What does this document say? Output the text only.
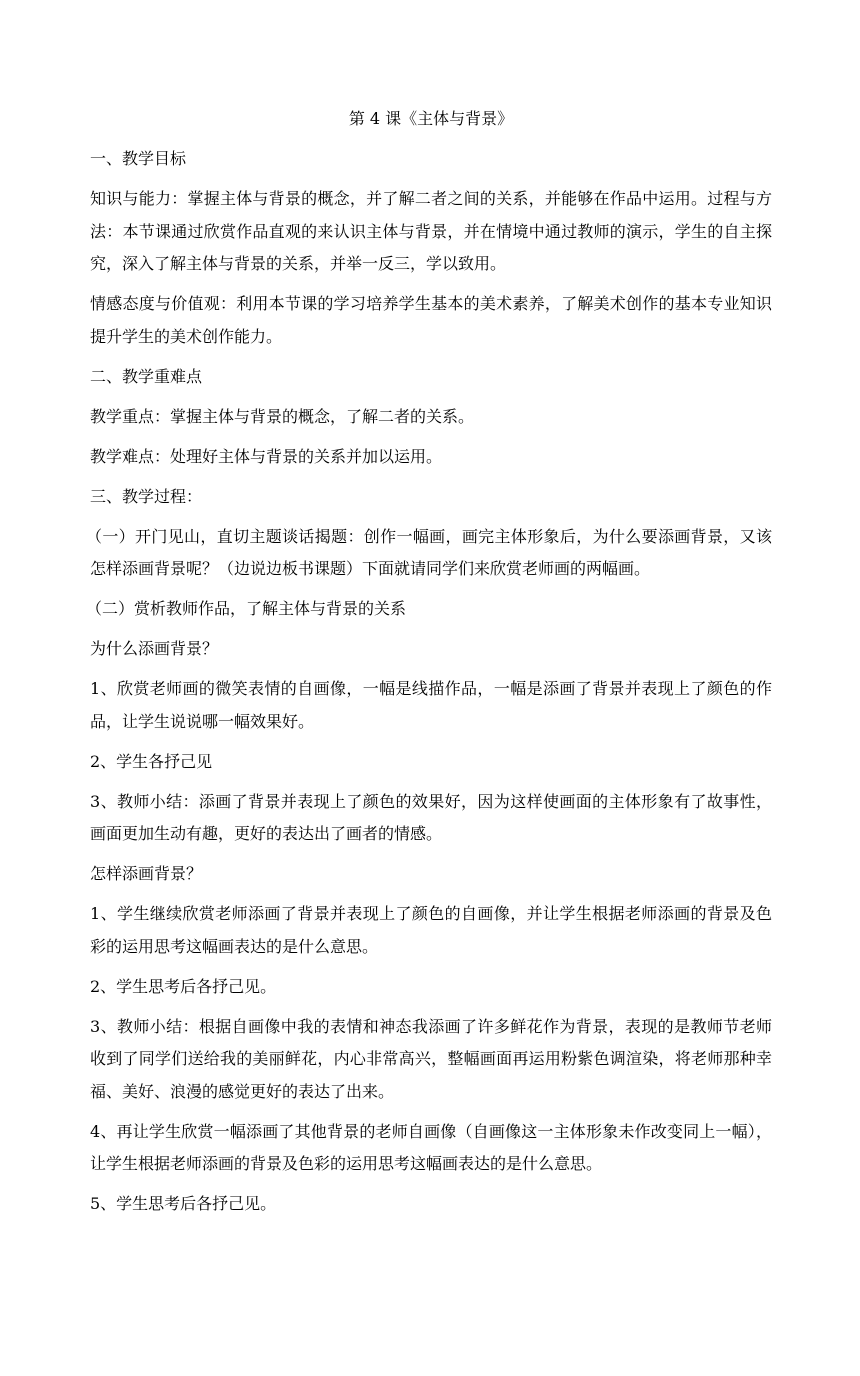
第 4 课《主体与背景》

一、教学目标

知识与能力：掌握主体与背景的概念，并了解二者之间的关系，并能够在作品中运用。过程与方法：本节课通过欣赏作品直观的来认识主体与背景，并在情境中通过教师的演示，学生的自主探究，深入了解主体与背景的关系，并举一反三，学以致用。

情感态度与价值观：利用本节课的学习培养学生基本的美术素养，了解美术创作的基本专业知识提升学生的美术创作能力。

二、教学重难点

教学重点：掌握主体与背景的概念，了解二者的关系。

教学难点：处理好主体与背景的关系并加以运用。

三、教学过程：

（一）开门见山，直切主题谈话揭题：创作一幅画，画完主体形象后，为什么要添画背景，又该怎样添画背景呢？（边说边板书课题）下面就请同学们来欣赏老师画的两幅画。

（二）赏析教师作品，了解主体与背景的关系

为什么添画背景？

1、欣赏老师画的微笑表情的自画像，一幅是线描作品，一幅是添画了背景并表现上了颜色的作品，让学生说说哪一幅效果好。

2、学生各抒己见

3、教师小结：添画了背景并表现上了颜色的效果好，因为这样使画面的主体形象有了故事性，画面更加生动有趣，更好的表达出了画者的情感。

怎样添画背景？

1、学生继续欣赏老师添画了背景并表现上了颜色的自画像，并让学生根据老师添画的背景及色彩的运用思考这幅画表达的是什么意思。

2、学生思考后各抒己见。

3、教师小结：根据自画像中我的表情和神态我添画了许多鲜花作为背景，表现的是教师节老师收到了同学们送给我的美丽鲜花，内心非常高兴，整幅画面再运用粉紫色调渲染，将老师那种幸福、美好、浪漫的感觉更好的表达了出来。

4、再让学生欣赏一幅添画了其他背景的老师自画像（自画像这一主体形象未作改变同上一幅），让学生根据老师添画的背景及色彩的运用思考这幅画表达的是什么意思。

5、学生思考后各抒己见。
